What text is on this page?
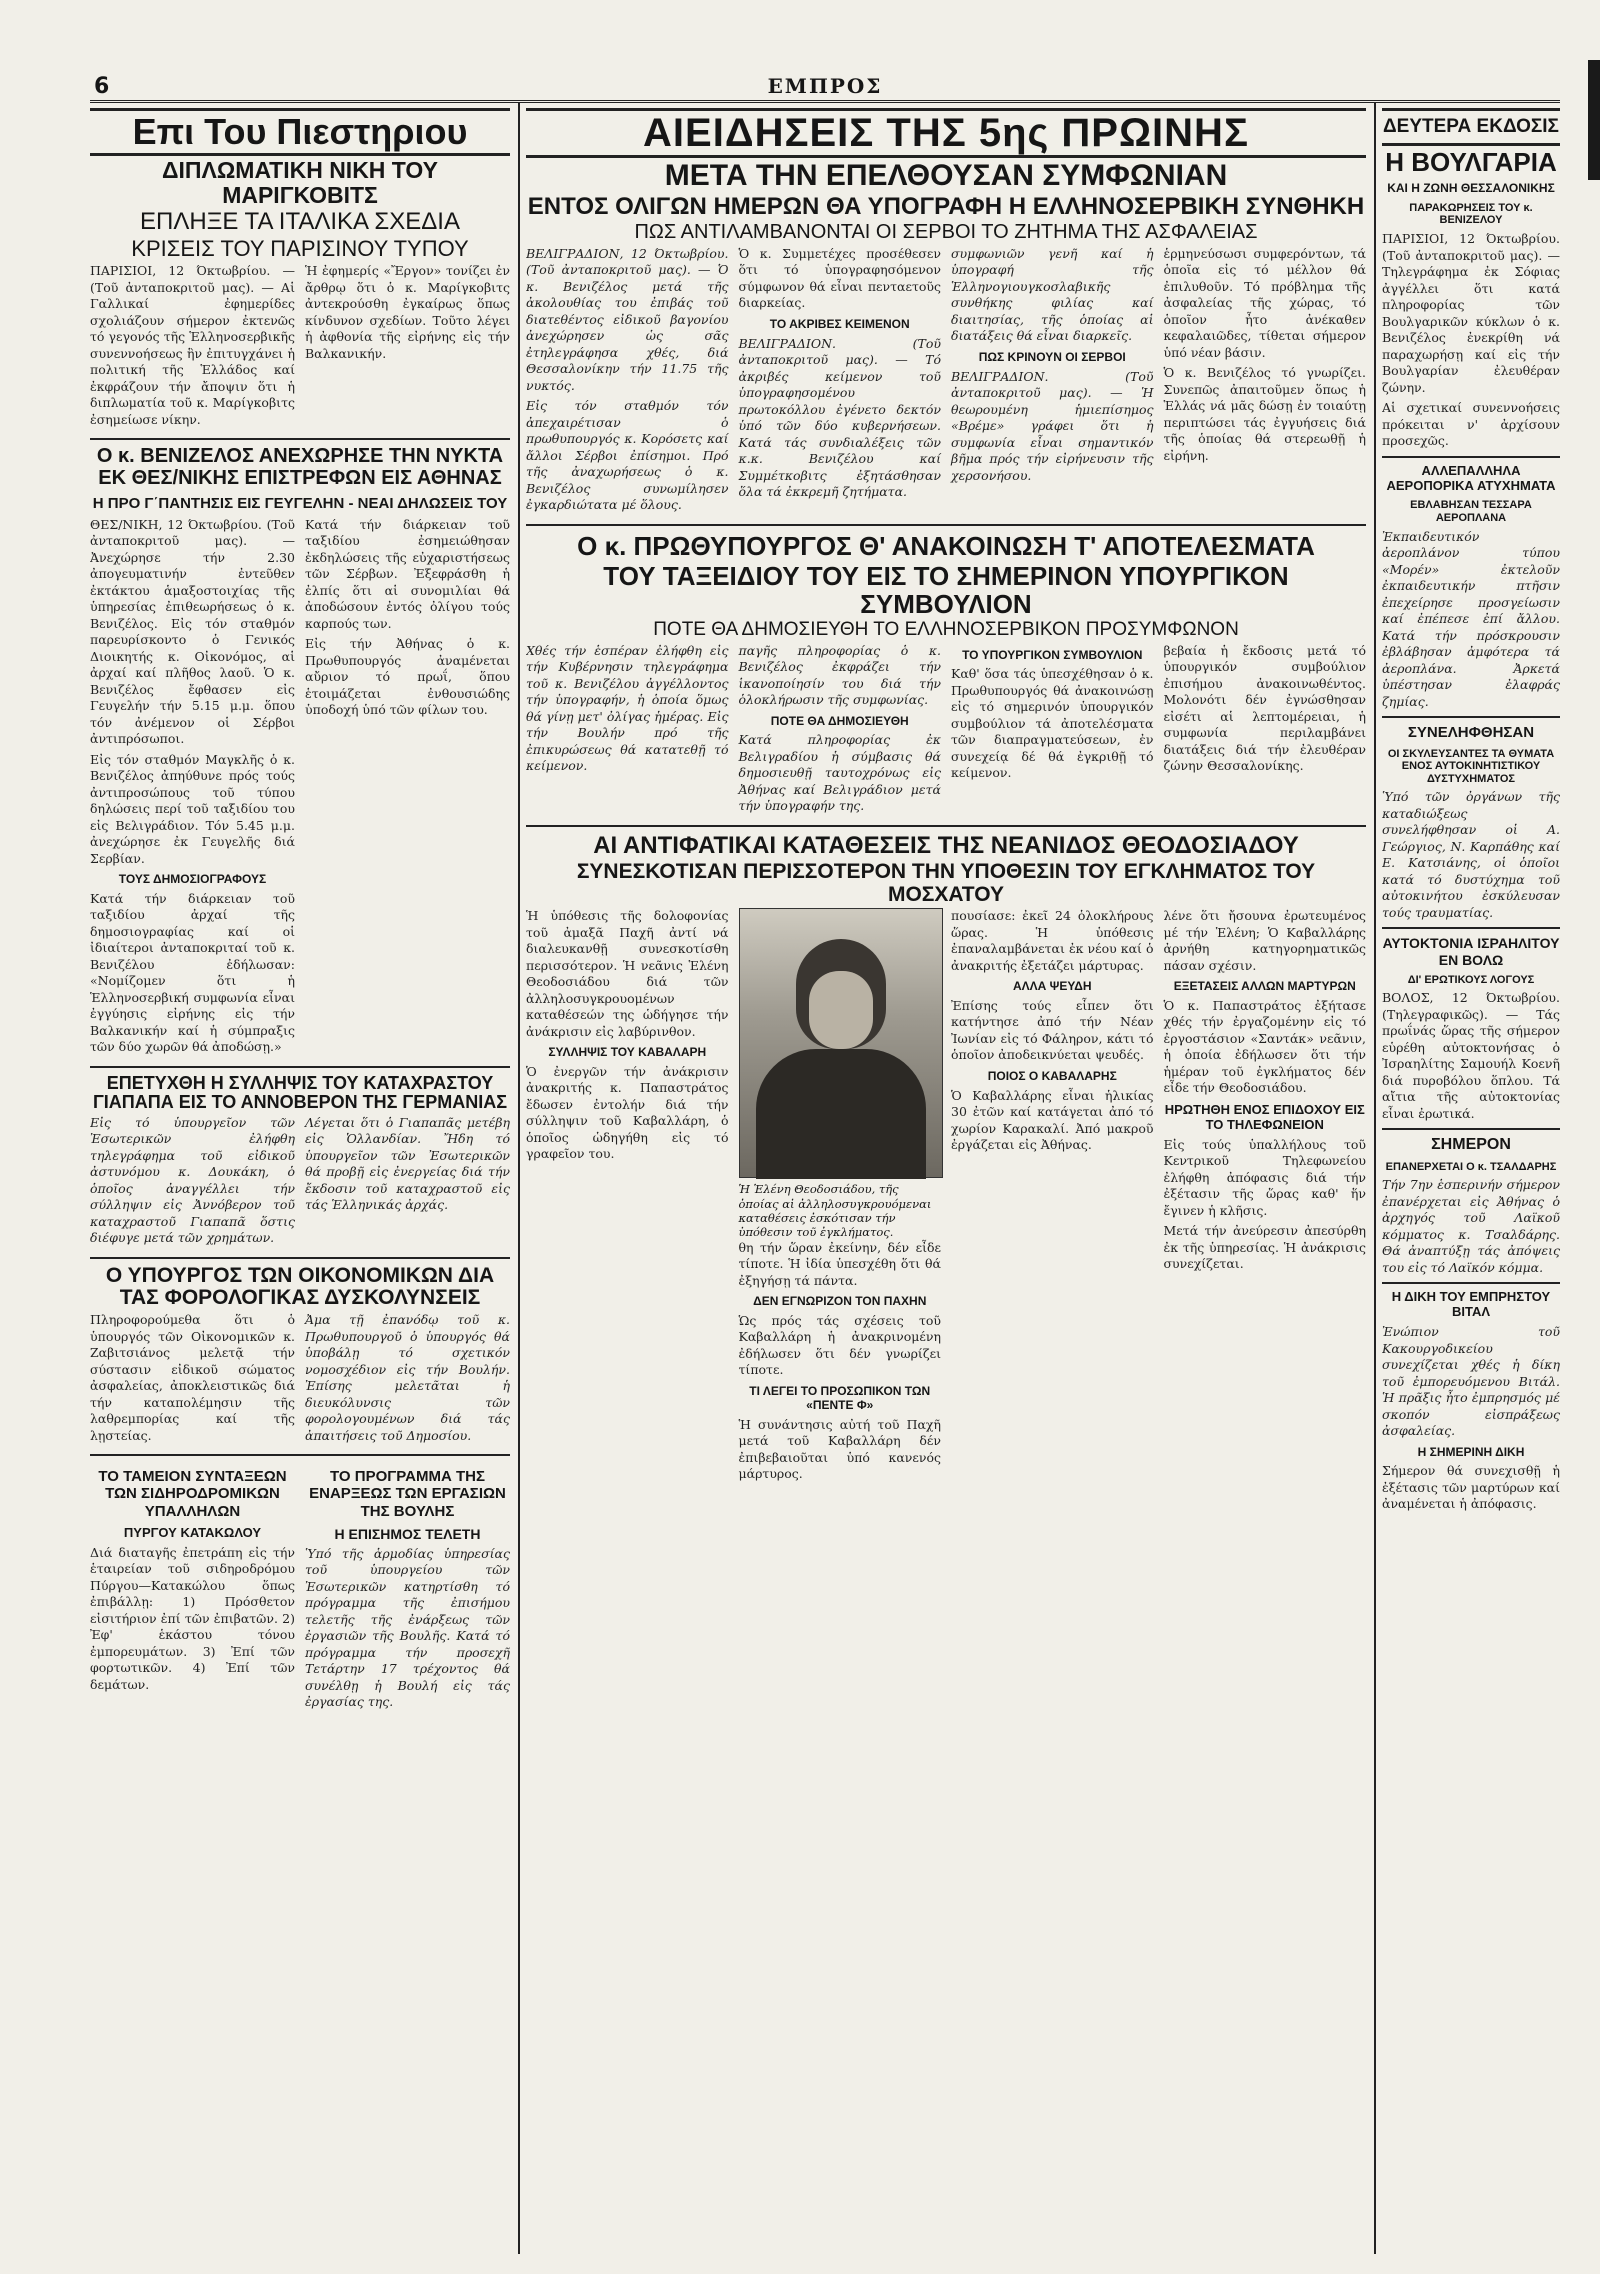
6	ΕΜΠΡΟΣ
Επι Του Πιεστηριου
ΔΙΠΛΩΜΑΤΙΚΗ ΝΙΚΗ ΤΟΥ ΜΑΡΙΓΚΟΒΙΤΣ
ΕΠΛΗΞΕ ΤΑ ΙΤΑΛΙΚΑ ΣΧΕΔΙΑ
ΚΡΙΣΕΙΣ ΤΟΥ ΠΑΡΙΣΙΝΟΥ ΤΥΠΟΥ

ΠΑΡΙΣΙΟΙ, 12 Όκτωβρίου. — (Τοῦ ἀνταποκριτοῦ μας). — Αἱ Γαλλικαί ἐφημερίδες σχολιάζουν σήμερον ἐκτενῶς τό γεγονός τῆς Ἑλληνοσερβικῆς συνεννοήσεως ἣν ἐπιτυγχάνει ἡ πολιτική τῆς Ἑλλάδος καί ἐκφράζουν τήν ἄποψιν ὅτι ἡ διπλωματία τοῦ κ. Μαρίγκοβιτς ἐσημείωσε νίκην.

Ἡ ἐφημερίς «Ἔργον» τονίζει ἐν ἄρθρῳ ὅτι ὁ κ. Μαρίγκοβιτς ἀντεκρούσθη ἐγκαίρως ὅπως κίνδυνον σχεδίων. Τοῦτο λέγει ἡ ἀφθονία τῆς εἰρήνης εἰς τήν Βαλκανικήν.

Ο κ. ΒΕΝΙΖΕΛΟΣ ΑΝΕΧΩΡΗΣΕ ΤΗΝ ΝΥΚΤΑ ΕΚ ΘΕΣ/ΝΙΚΗΣ ΕΠΙΣΤΡΕΦΩΝ ΕΙΣ ΑΘΗΝΑΣ
Η ΠΡΟ Γ΄ΠΑΝΤΗΣΙΣ ΕΙΣ ΓΕΥΓΕΛΗΝ - ΝΕΑΙ ΔΗΛΩΣΕΙΣ ΤΟΥ

ΘΕΣ/ΝΙΚΗ, 12 Όκτωβρίου. (Τοῦ ἀνταποκριτοῦ μας). — Ἀνεχώρησε τήν 2.30 ἀπογευματινήν ἐντεῦθεν ἐκτάκτου ἁμαξοστοιχίας τῆς ὑπηρεσίας ἐπιθεωρήσεως ὁ κ. Βενιζέλος. Εἰς τόν σταθμόν παρευρίσκοντο ὁ Γενικός Διοικητής κ. Οἰκονόμος, αἱ ἀρχαί καί πλῆθος λαοῦ. Ὁ κ. Βενιζέλος ἔφθασεν εἰς Γευγελήν τήν 5.15 μ.μ. ὅπου τόν ἀνέμενον οἱ Σέρβοι ἀντιπρόσωποι.

Εἰς τόν σταθμόν Μαγκλῆς ὁ κ. Βενιζέλος ἀπηύθυνε πρός τούς ἀντιπροσώπους τοῦ τύπου δηλώσεις περί τοῦ ταξιδίου του εἰς Βελιγράδιον. Τόν 5.45 μ.μ. ἀνεχώρησε ἐκ Γευγελῆς διά Σερβίαν.

ΤΟΥΣ ΔΗΜΟΣΙΟΓΡΑΦΟΥΣ

Κατά τήν διάρκειαν τοῦ ταξιδίου ἀρχαί τῆς δημοσιογραφίας καί οἱ ἰδιαίτεροι ἀνταποκριταί τοῦ κ. Βενιζέλου ἐδήλωσαν: «Νομίζομεν ὅτι ἡ Ἑλληνοσερβική συμφωνία εἶναι ἐγγύησις εἰρήνης εἰς τήν Βαλκανικήν καί ἡ σύμπραξις τῶν δύο χωρῶν θά ἀποδώσῃ.»

Κατά τήν διάρκειαν τοῦ ταξιδίου ἐσημειώθησαν ἐκδηλώσεις τῆς εὐχαριστήσεως τῶν Σέρβων. Ἐξεφράσθη ἡ ἐλπίς ὅτι αἱ συνομιλίαι θά ἀποδώσουν ἐντός ὀλίγου τούς καρπούς των.

Εἰς τήν Ἀθήνας ὁ κ. Πρωθυπουργός ἀναμένεται αὔριον τό πρωΐ, ὅπου ἑτοιμάζεται ἐνθουσιώδης ὑποδοχή ὑπό τῶν φίλων του.

ΕΠΕΤΥΧΘΗ Η ΣΥΛΛΗΨΙΣ ΤΟΥ ΚΑΤΑΧΡΑΣΤΟΥ ΓΙΑΠΑΠΑ ΕΙΣ ΤΟ ΑΝΝΟΒΕΡΟΝ ΤΗΣ ΓΕΡΜΑΝΙΑΣ

Εἰς τό ὑπουργεῖον τῶν Ἐσωτερικῶν ἐλήφθη τηλεγράφημα τοῦ εἰδικοῦ ἀστυνόμου κ. Δουκάκη, ὁ ὁποῖος ἀναγγέλλει τήν σύλληψιν εἰς Ἀννόβερον τοῦ καταχραστοῦ Γιαπαπᾶ ὅστις διέφυγε μετά τῶν χρημάτων.

Λέγεται ὅτι ὁ Γιαπαπᾶς μετέβη εἰς Ὁλλανδίαν. Ἤδη τό ὑπουργεῖον τῶν Ἐσωτερικῶν θά προβῇ εἰς ἐνεργείας διά τήν ἔκδοσιν τοῦ καταχραστοῦ εἰς τάς Ἑλληνικάς ἀρχάς.

Ο ΥΠΟΥΡΓΟΣ ΤΩΝ ΟΙΚΟΝΟΜΙΚΩΝ ΔΙΑ ΤΑΣ ΦΟΡΟΛΟΓΙΚΑΣ ΔΥΣΚΟΛΥΝΣΕΙΣ

Πληροφορούμεθα ὅτι ὁ ὑπουργός τῶν Οἰκονομικῶν κ. Ζαβιτσιάνος μελετᾷ τήν σύστασιν εἰδικοῦ σώματος ἀσφαλείας, ἀποκλειστικῶς διά τήν καταπολέμησιν τῆς λαθρεμπορίας καί τῆς λῃστείας.

Ἀμα τῇ ἐπανόδῳ τοῦ κ. Πρωθυπουργοῦ ὁ ὑπουργός θά ὑποβάλῃ τό σχετικόν νομοσχέδιον εἰς τήν Βουλήν. Ἐπίσης μελετᾶται ἡ διευκόλυνσις τῶν φορολογουμένων διά τάς ἀπαιτήσεις τοῦ Δημοσίου.

ΤΟ ΤΑΜΕΙΟΝ ΣΥΝΤΑΞΕΩΝ ΤΩΝ ΣΙΔΗΡΟΔΡΟΜΙΚΩΝ ΥΠΑΛΛΗΛΩΝ
ΠΥΡΓΟΥ ΚΑΤΑΚΩΛΟΥ

Διά διαταγῆς ἐπετράπη εἰς τήν ἑταιρείαν τοῦ σιδηροδρόμου Πύργου—Κατακώλου ὅπως ἐπιβάλλῃ: 1) Πρόσθετον εἰσιτήριον ἐπί τῶν ἐπιβατῶν. 2) Ἐφ' ἑκάστου τόνου ἐμπορευμάτων. 3) Ἐπί τῶν φορτωτικῶν. 4) Ἐπί τῶν δεμάτων.

ΤΟ ΠΡΟΓΡΑΜΜΑ ΤΗΣ ΕΝΑΡΞΕΩΣ ΤΩΝ ΕΡΓΑΣΙΩΝ ΤΗΣ ΒΟΥΛΗΣ
Η ΕΠΙΣΗΜΟΣ ΤΕΛΕΤΗ

Ὑπό τῆς ἁρμοδίας ὑπηρεσίας τοῦ ὑπουργείου τῶν Ἐσωτερικῶν κατηρτίσθη τό πρόγραμμα τῆς ἐπισήμου τελετῆς τῆς ἐνάρξεως τῶν ἐργασιῶν τῆς Βουλῆς. Κατά τό πρόγραμμα τήν προσεχῆ Τετάρτην 17 τρέχοντος θά συνέλθῃ ἡ Βουλή εἰς τάς ἐργασίας της.

ΑΙΕΙΔΗΣΕΙΣ ΤΗΣ 5ης ΠΡΩΙΝΗΣ
ΜΕΤΑ ΤΗΝ ΕΠΕΛΘΟΥΣΑΝ ΣΥΜΦΩΝΙΑΝ
ΕΝΤΟΣ ΟΛΙΓΩΝ ΗΜΕΡΩΝ ΘΑ ΥΠΟΓΡΑΦΗ Η ΕΛΛΗΝΟΣΕΡΒΙΚΗ ΣΥΝΘΗΚΗ
ΠΩΣ ΑΝΤΙΛΑΜΒΑΝΟΝΤΑΙ ΟΙ ΣΕΡΒΟΙ ΤΟ ΖΗΤΗΜΑ ΤΗΣ ΑΣΦΑΛΕΙΑΣ

ΒΕΛΙΓΡΑΔΙΟΝ, 12 Όκτωβρίου. (Τοῦ ἀνταποκριτοῦ μας). — Ὁ κ. Βενιζέλος μετά τῆς ἀκολουθίας του ἐπιβάς τοῦ διατεθέντος εἰδικοῦ βαγονίου ἀνεχώρησεν ὡς σᾶς ἐτηλεγράφησα χθές, διά Θεσσαλονίκην τήν 11.75 τῆς νυκτός.

Εἰς τόν σταθμόν τόν ἀπεχαιρέτισαν ὁ πρωθυπουργός κ. Κορόσετς καί ἄλλοι Σέρβοι ἐπίσημοι. Πρό τῆς ἀναχωρήσεως ὁ κ. Βενιζέλος συνωμίλησεν ἐγκαρδιώτατα μέ ὅλους.

Ὁ κ. Συμμετέχες προσέθεσεν ὅτι τό ὑπογραφησόμενον σύμφωνον θά εἶναι πενταετοῦς διαρκείας.

ΤΟ ΑΚΡΙΒΕΣ ΚΕΙΜΕΝΟΝ

ΒΕΛΙΓΡΑΔΙΟΝ. (Τοῦ ἀνταποκριτοῦ μας). — Τό ἀκριβές κείμενον τοῦ ὑπογραφησομένου πρωτοκόλλου ἐγένετο δεκτόν ὑπό τῶν δύο κυβερνήσεων. Κατά τάς συνδιαλέξεις τῶν κ.κ. Βενιζέλου καί Συμμέτκοβιτς ἐξητάσθησαν ὅλα τά ἐκκρεμῆ ζητήματα.

συμφωνιῶν γενῆ καί ἡ ὑπογραφή τῆς Ἑλληνογιουγκοσλαβικῆς συνθήκης φιλίας καί διαιτησίας, τῆς ὁποίας αἱ διατάξεις θά εἶναι διαρκεῖς.

ΠΩΣ ΚΡΙΝΟΥΝ ΟΙ ΣΕΡΒΟΙ

ΒΕΛΙΓΡΑΔΙΟΝ. (Τοῦ ἀνταποκριτοῦ μας). — Ἡ θεωρουμένη ἡμιεπίσημος «Βρέμε» γράφει ὅτι ἡ συμφωνία εἶναι σημαντικόν βῆμα πρός τήν εἰρήνευσιν τῆς χερσονήσου.

ἑρμηνεύσωσι συμφερόντων, τά ὁποῖα εἰς τό μέλλον θά ἐπιλυθοῦν. Τό πρόβλημα τῆς ἀσφαλείας τῆς χώρας, τό ὁποῖον ἦτο ἀνέκαθεν κεφαλαιῶδες, τίθεται σήμερον ὑπό νέαν βάσιν.

Ὁ κ. Βενιζέλος τό γνωρίζει. Συνεπῶς ἀπαιτοῦμεν ὅπως ἡ Ἑλλάς νά μᾶς δώσῃ ἐν τοιαύτῃ περιπτώσει τάς ἐγγυήσεις διά τῆς ὁποίας θά στερεωθῇ ἡ εἰρήνη.

Ο κ. ΠΡΩΘΥΠΟΥΡΓΟΣ Θ' ΑΝΑΚΟΙΝΩΣΗ Τ' ΑΠΟΤΕΛΕΣΜΑΤΑ
ΤΟΥ ΤΑΞΕΙΔΙΟΥ ΤΟΥ ΕΙΣ ΤΟ ΣΗΜΕΡΙΝΟΝ ΥΠΟΥΡΓΙΚΟΝ ΣΥΜΒΟΥΛΙΟΝ
ΠΟΤΕ ΘΑ ΔΗΜΟΣΙΕΥΘΗ ΤΟ ΕΛΛΗΝΟΣΕΡΒΙΚΟΝ ΠΡΟΣΥΜΦΩΝΟΝ

Χθές τήν ἑσπέραν ἐλήφθη εἰς τήν Κυβέρνησιν τηλεγράφημα τοῦ κ. Βενιζέλου ἀγγέλλοντος τήν ὑπογραφήν, ἡ ὁποία ὅμως θά γίνῃ μετ' ὀλίγας ἡμέρας. Εἰς τήν Βουλήν πρό τῆς ἐπικυρώσεως θά κατατεθῇ τό κείμενον.

παγῆς πληροφορίας ὁ κ. Βενιζέλος ἐκφράζει τήν ἱκανοποίησίν του διά τήν ὁλοκλήρωσιν τῆς συμφωνίας.

ΠΟΤΕ ΘΑ ΔΗΜΟΣΙΕΥΘΗ

Κατά πληροφορίας ἐκ Βελιγραδίου ἡ σύμβασις θά δημοσιευθῇ ταυτοχρόνως εἰς Ἀθήνας καί Βελιγράδιον μετά τήν ὑπογραφήν της.

ΤΟ ΥΠΟΥΡΓΙΚΟΝ ΣΥΜΒΟΥΛΙΟΝ

Καθ' ὅσα τάς ὑπεσχέθησαν ὁ κ. Πρωθυπουργός θά ἀνακοινώσῃ εἰς τό σημερινόν ὑπουργικόν συμβούλιον τά ἀποτελέσματα τῶν διαπραγματεύσεων, ἐν συνεχείᾳ δέ θά ἐγκριθῇ τό κείμενον.

βεβαία ἡ ἔκδοσις μετά τό ὑπουργικόν συμβούλιον ἐπισήμου ἀνακοινωθέντος. Μολονότι δέν ἐγνώσθησαν εἰσέτι αἱ λεπτομέρειαι, ἡ συμφωνία περιλαμβάνει διατάξεις διά τήν ἐλευθέραν ζώνην Θεσσαλονίκης.

ΑΙ ΑΝΤΙΦΑΤΙΚΑΙ ΚΑΤΑΘΕΣΕΙΣ ΤΗΣ ΝΕΑΝΙΔΟΣ ΘΕΟΔΟΣΙΑΔΟΥ
ΣΥΝΕΣΚΟΤΙΣΑΝ ΠΕΡΙΣΣΟΤΕΡΟΝ ΤΗΝ ΥΠΟΘΕΣΙΝ ΤΟΥ ΕΓΚΛΗΜΑΤΟΣ ΤΟΥ ΜΟΣΧΑΤΟΥ

Ἡ ὑπόθεσις τῆς δολοφονίας τοῦ ἀμαξᾶ Παχῆ ἀντί νά διαλευκανθῇ συνεσκοτίσθη περισσότερον. Ἡ νεᾶνις Ἑλένη Θεοδοσιάδου διά τῶν ἀλληλοσυγκρουομένων καταθέσεών της ὡδήγησε τήν ἀνάκρισιν εἰς λαβύρινθον.

ΣΥΛΛΗΨΙΣ ΤΟΥ ΚΑΒΑΛΑΡΗ

Ὁ ἐνεργῶν τήν ἀνάκρισιν ἀνακριτής κ. Παπαστράτος ἔδωσεν ἐντολήν διά τήν σύλληψιν τοῦ Καβαλλάρη, ὁ ὁποῖος ὡδηγήθη εἰς τό γραφεῖον του.

Ἡ Ἑλένη Θεοδοσιάδου, τῆς ὁποίας αἱ ἀλληλοσυγκρουόμεναι καταθέσεις ἐσκότισαν τήν ὑπόθεσιν τοῦ ἐγκλήματος.

θη τήν ὥραν ἐκείνην, δέν εἶδε τίποτε. Ἡ ἰδία ὑπεσχέθη ὅτι θά ἐξηγήσῃ τά πάντα.

ΔΕΝ ΕΓΝΩΡΙΖΟΝ ΤΟΝ ΠΑΧΗΝ

Ὡς πρός τάς σχέσεις τοῦ Καβαλλάρη ἡ ἀνακρινομένη ἐδήλωσεν ὅτι δέν γνωρίζει τίποτε.

ΤΙ ΛΕΓΕΙ ΤΟ ΠΡΟΣΩΠΙΚΟΝ ΤΩΝ «ΠΕΝΤΕ Φ»

Ἡ συνάντησις αὐτή τοῦ Παχῆ μετά τοῦ Καβαλλάρη δέν ἐπιβεβαιοῦται ὑπό κανενός μάρτυρος.

πουσίασε: ἐκεῖ 24 ὁλοκλήρους ὥρας. Ἡ ὑπόθεσις ἐπαναλαμβάνεται ἐκ νέου καί ὁ ἀνακριτής ἐξετάζει μάρτυρας.

ΑΛΛΑ ΨΕΥΔΗ

Ἐπίσης τούς εἶπεν ὅτι κατήντησε ἀπό τήν Νέαν Ἰωνίαν εἰς τό Φάληρον, κάτι τό ὁποῖον ἀποδεικνύεται ψευδές.

ΠΟΙΟΣ Ο ΚΑΒΑΛΑΡΗΣ

Ὁ Καβαλλάρης εἶναι ἡλικίας 30 ἐτῶν καί κατάγεται ἀπό τό χωρίον Καρακαλί. Ἀπό μακροῦ ἐργάζεται εἰς Ἀθήνας.

λένε ὅτι ἤσουνα ἐρωτευμένος μέ τήν Ἑλένη; Ὁ Καβαλλάρης ἀρνήθη κατηγορηματικῶς πάσαν σχέσιν.

ΕΞΕΤΑΣΕΙΣ ΑΛΛΩΝ ΜΑΡΤΥΡΩΝ

Ὁ κ. Παπαστράτος ἐξήτασε χθές τήν ἐργαζομένην εἰς τό ἐργοστάσιον «Σαντάκ» νεᾶνιν, ἡ ὁποία ἐδήλωσεν ὅτι τήν ἡμέραν τοῦ ἐγκλήματος δέν εἶδε τήν Θεοδοσιάδου.

ΗΡΩΤΗΘΗ ΕΝΟΣ ΕΠΙΔΟΧΟΥ ΕΙΣ ΤΟ ΤΗΛΕΦΩΝΕΙΟΝ

Εἰς τούς ὑπαλλήλους τοῦ Κεντρικοῦ Τηλεφωνείου ἐλήφθη ἀπόφασις διά τήν ἐξέτασιν τῆς ὥρας καθ' ἥν ἔγινεν ἡ κλῆσις.

Μετά τήν ἀνεύρεσιν ἀπεσύρθη ἐκ τῆς ὑπηρεσίας. Ἡ ἀνάκρισις συνεχίζεται.

ΔΕΥΤΕΡΑ ΕΚΔΟΣΙΣ
Η ΒΟΥΛΓΑΡΙΑ
ΚΑΙ Η ΖΩΝΗ ΘΕΣΣΑΛΟΝΙΚΗΣ
ΠΑΡΑΚΩΡΗΣΕΙΣ ΤΟΥ κ. ΒΕΝΙΖΕΛΟΥ

ΠΑΡΙΣΙΟΙ, 12 Όκτωβρίου. (Τοῦ ἀνταποκριτοῦ μας). — Τηλεγράφημα ἐκ Σόφιας ἀγγέλλει ὅτι κατά πληροφορίας τῶν Βουλγαρικῶν κύκλων ὁ κ. Βενιζέλος ἐνεκρίθη νά παραχωρήσῃ καί εἰς τήν Βουλγαρίαν ἐλευθέραν ζώνην.

Αἱ σχετικαί συνεννοήσεις πρόκειται ν' ἀρχίσουν προσεχῶς.

ΑΛΛΕΠΑΛΛΗΛΑ ΑΕΡΟΠΟΡΙΚΑ ΑΤΥΧΗΜΑΤΑ
ΕΒΛΑΒΗΣΑΝ ΤΕΣΣΑΡΑ ΑΕΡΟΠΛΑΝΑ

Ἐκπαιδευτικόν ἀεροπλάνον τύπου «Μορέν» ἐκτελοῦν ἐκπαιδευτικήν πτῆσιν ἐπεχείρησε προσγείωσιν καί ἐπέπεσε ἐπί ἄλλου. Κατά τήν πρόσκρουσιν ἐβλάβησαν ἀμφότερα τά ἀεροπλάνα. Ἀρκετά ὑπέστησαν ἐλαφράς ζημίας.

ΣΥΝΕΛΗΦΘΗΣΑΝ
ΟΙ ΣΚΥΛΕΥΣΑΝΤΕΣ ΤΑ ΘΥΜΑΤΑ ΕΝΟΣ ΑΥΤΟΚΙΝΗΤΙΣΤΙΚΟΥ ΔΥΣΤΥΧΗΜΑΤΟΣ

Ὑπό τῶν ὀργάνων τῆς καταδιώξεως συνελήφθησαν οἱ Α. Γεώργιος, Ν. Καρπάθης καί Ε. Κατσιάνης, οἱ ὁποῖοι κατά τό δυστύχημα τοῦ αὐτοκινήτου ἐσκύλευσαν τούς τραυματίας.

ΑΥΤΟΚΤΟΝΙΑ ΙΣΡΑΗΛΙΤΟΥ ΕΝ ΒΟΛΩ
ΔΙ' ΕΡΩΤΙΚΟΥΣ ΛΟΓΟΥΣ

ΒΟΛΟΣ, 12 Όκτωβρίου. (Τηλεγραφικῶς). — Τάς πρωΐνάς ὥρας τῆς σήμερον εὑρέθη αὐτοκτονήσας ὁ Ἰσραηλίτης Σαμουήλ Κοενῆ διά πυροβόλου ὅπλου. Τά αἴτια τῆς αὐτοκτονίας εἶναι ἐρωτικά.

ΣΗΜΕΡΟΝ
ΕΠΑΝΕΡΧΕΤΑΙ Ο κ. ΤΣΑΛΔΑΡΗΣ

Τήν 7ην ἑσπερινήν σήμερον ἐπανέρχεται εἰς Ἀθήνας ὁ ἀρχηγός τοῦ Λαϊκοῦ κόμματος κ. Τσαλδάρης. Θά ἀναπτύξῃ τάς ἀπόψεις του εἰς τό Λαϊκόν κόμμα.

Η ΔΙΚΗ ΤΟΥ ΕΜΠΡΗΣΤΟΥ ΒΙΤΑΛ

Ἐνώπιον τοῦ Κακουργοδικείου συνεχίζεται χθές ἡ δίκη τοῦ ἐμπορευόμενου Βιτάλ. Ἡ πρᾶξις ἦτο ἐμπρησμός μέ σκοπόν εἰσπράξεως ἀσφαλείας.

Η ΣΗΜΕΡΙΝΗ ΔΙΚΗ

Σήμερον θά συνεχισθῇ ἡ ἐξέτασις τῶν μαρτύρων καί ἀναμένεται ἡ ἀπόφασις.
